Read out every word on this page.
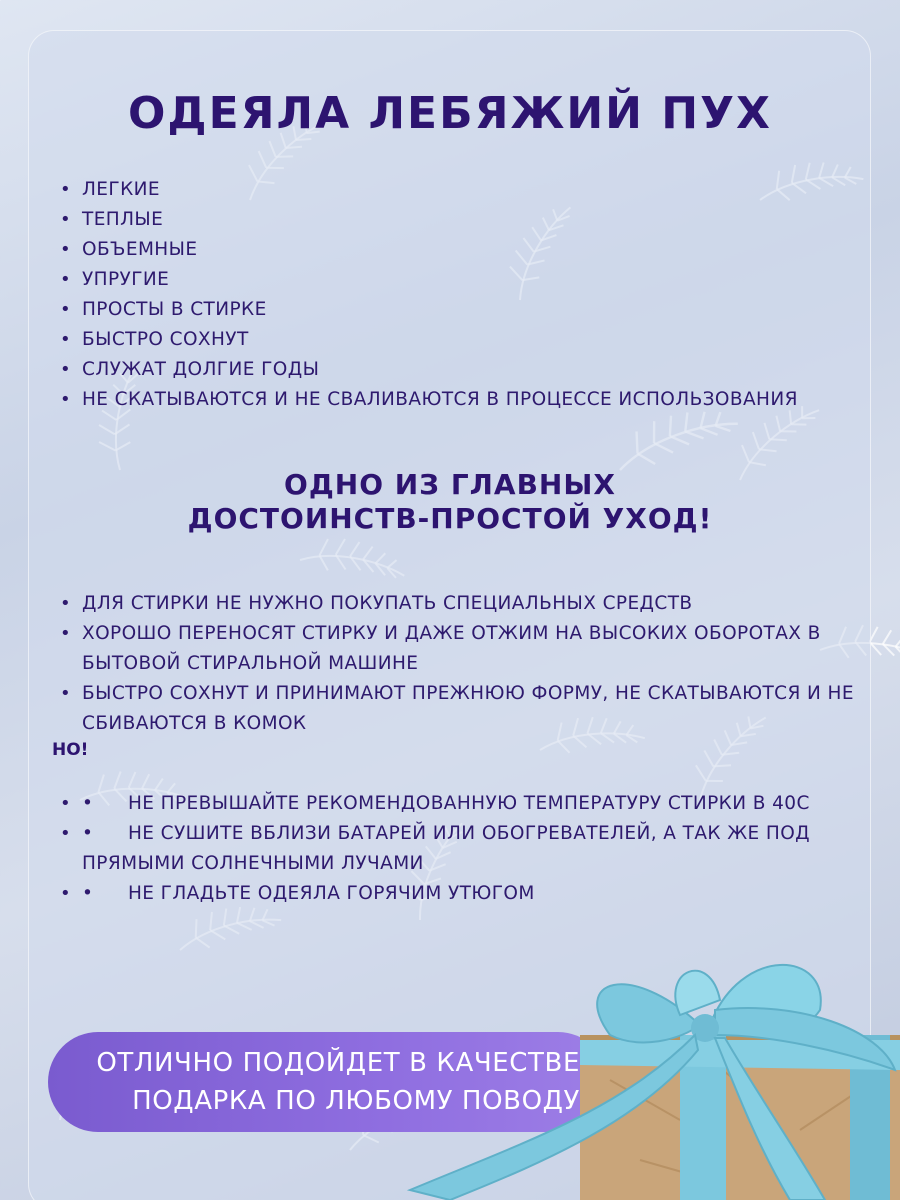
ОДЕЯЛА ЛЕБЯЖИЙ ПУХ
• ЛЕГКИЕ
• ТЕПЛЫЕ
• ОБЪЕМНЫЕ
• УПРУГИЕ
• ПРОСТЫ В СТИРКЕ
• БЫСТРО СОХНУТ
• СЛУЖАТ ДОЛГИЕ ГОДЫ
• НЕ СКАТЫВАЮТСЯ И НЕ СВАЛИВАЮТСЯ В ПРОЦЕССЕ ИСПОЛЬЗОВАНИЯ
ОДНО ИЗ ГЛАВНЫХ
ДОСТОИНСТВ-ПРОСТОЙ УХОД!
• ДЛЯ СТИРКИ НЕ НУЖНО ПОКУПАТЬ СПЕЦИАЛЬНЫХ СРЕДСТВ
• ХОРОШО ПЕРЕНОСЯТ СТИРКУ И ДАЖЕ ОТЖИМ НА ВЫСОКИХ ОБОРОТАХ В БЫТОВОЙ СТИРАЛЬНОЙ МАШИНЕ
• БЫСТРО СОХНУТ И ПРИНИМАЮТ ПРЕЖНЮЮ ФОРМУ, НЕ СКАТЫВАЮТСЯ И НЕ СБИВАЮТСЯ В КОМОК
НО!
• • НЕ ПРЕВЫШАЙТЕ РЕКОМЕНДОВАННУЮ ТЕМПЕРАТУРУ СТИРКИ В 40С
• • НЕ СУШИТЕ ВБЛИЗИ БАТАРЕЙ ИЛИ ОБОГРЕВАТЕЛЕЙ, А ТАК ЖЕ ПОД ПРЯМЫМИ СОЛНЕЧНЫМИ ЛУЧАМИ
• • НЕ ГЛАДЬТЕ ОДЕЯЛА ГОРЯЧИМ УТЮГОМ
ОТЛИЧНО ПОДОЙДЕТ В КАЧЕСТВЕ
ПОДАРКА ПО ЛЮБОМУ ПОВОДУ
